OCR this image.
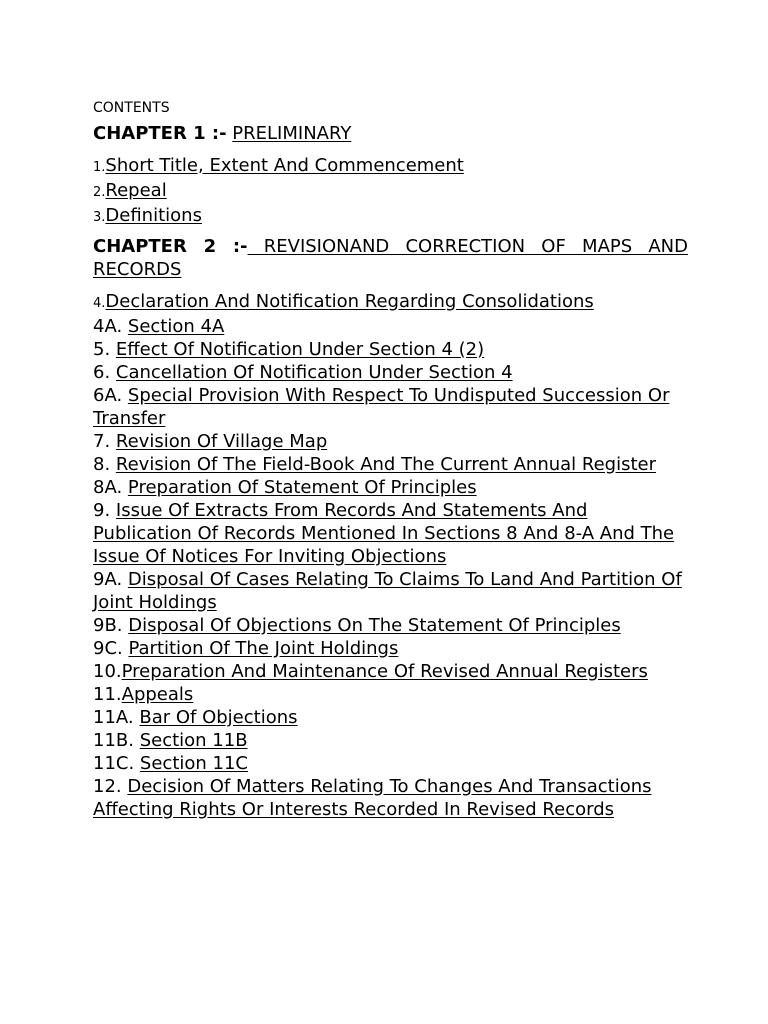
CONTENTS

CHAPTER 1 :- PRELIMINARY

1.Short Title, Extent And Commencement
2.Repeal
3.Definitions

CHAPTER 2 :- REVISIONAND CORRECTION OF MAPS AND RECORDS

4.Declaration And Notification Regarding Consolidations
4A. Section 4A
5. Effect Of Notification Under Section 4 (2)
6. Cancellation Of Notification Under Section 4
6A. Special Provision With Respect To Undisputed Succession Or Transfer
7. Revision Of Village Map
8. Revision Of The Field-Book And The Current Annual Register
8A. Preparation Of Statement Of Principles
9. Issue Of Extracts From Records And Statements And Publication Of Records Mentioned In Sections 8 And 8-A And The Issue Of Notices For Inviting Objections
9A. Disposal Of Cases Relating To Claims To Land And Partition Of Joint Holdings
9B. Disposal Of Objections On The Statement Of Principles
9C. Partition Of The Joint Holdings
10.Preparation And Maintenance Of Revised Annual Registers
11.Appeals
11A. Bar Of Objections
11B. Section 11B
11C. Section 11C
12. Decision Of Matters Relating To Changes And Transactions Affecting Rights Or Interests Recorded In Revised Records
